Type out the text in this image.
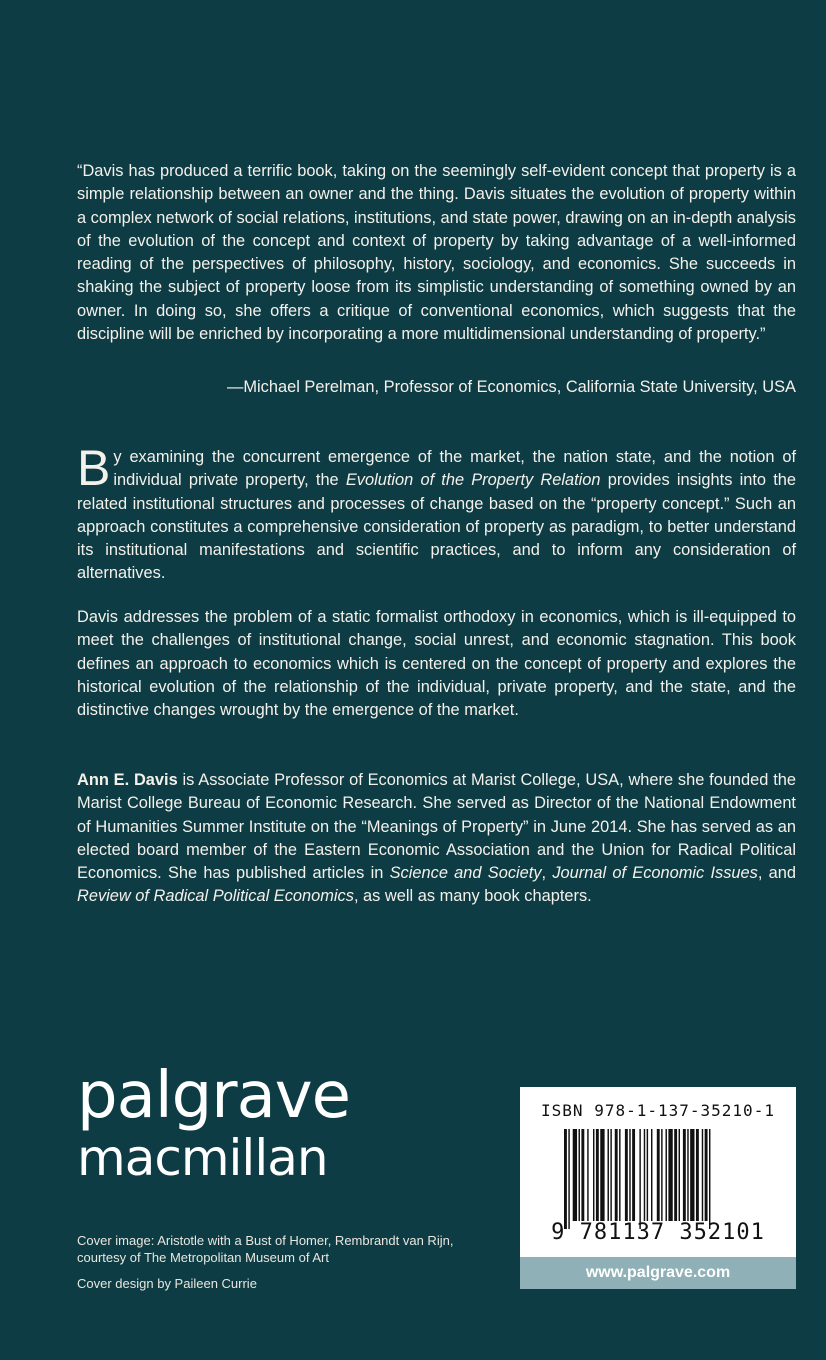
“Davis has produced a terrific book, taking on the seemingly self-evident concept that property is a simple relationship between an owner and the thing. Davis situates the evolution of property within a complex network of social relations, institutions, and state power, drawing on an in-depth analysis of the evolution of the concept and context of property by taking advantage of a well-informed reading of the perspectives of philosophy, history, sociology, and economics. She succeeds in shaking the subject of property loose from its simplistic understanding of something owned by an owner. In doing so, she offers a critique of conventional economics, which suggests that the discipline will be enriched by incorporating a more multidimensional understanding of property.”

—Michael Perelman, Professor of Economics, California State University, USA

By examining the concurrent emergence of the market, the nation state, and the notion of individual private property, the Evolution of the Property Relation provides insights into the related institutional structures and processes of change based on the “property concept.” Such an approach constitutes a comprehensive consideration of property as paradigm, to better understand its institutional manifestations and scientific practices, and to inform any consideration of alternatives.

Davis addresses the problem of a static formalist orthodoxy in economics, which is ill-equipped to meet the challenges of institutional change, social unrest, and economic stagnation. This book defines an approach to economics which is centered on the concept of property and explores the historical evolution of the relationship of the individual, private property, and the state, and the distinctive changes wrought by the emergence of the market.

Ann E. Davis is Associate Professor of Economics at Marist College, USA, where she founded the Marist College Bureau of Economic Research. She served as Director of the National Endowment of Humanities Summer Institute on the “Meanings of Property” in June 2014. She has served as an elected board member of the Eastern Economic Association and the Union for Radical Political Economics. She has published articles in Science and Society, Journal of Economic Issues, and Review of Radical Political Economics, as well as many book chapters.

palgrave
macmillan

Cover image: Aristotle with a Bust of Homer, Rembrandt van Rijn, courtesy of The Metropolitan Museum of Art

Cover design by Paileen Currie

ISBN 978-1-137-35210-1
9 781137 352101
www.palgrave.com
